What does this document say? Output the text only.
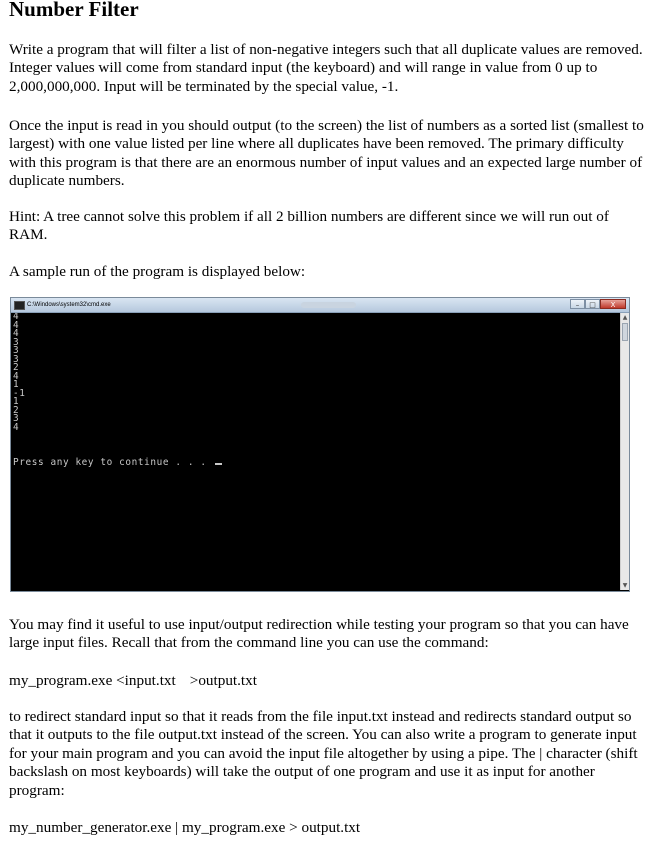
Number Filter

Write a program that will filter a list of non-negative integers such that all duplicate values are removed. Integer values will come from standard input (the keyboard) and will range in value from 0 up to 2,000,000,000. Input will be terminated by the special value, -1.

Once the input is read in you should output (to the screen) the list of numbers as a sorted list (smallest to largest) with one value listed per line where all duplicates have been removed. The primary difficulty with this program is that there are an enormous number of input values and an expected large number of duplicate numbers.

Hint: A tree cannot solve this problem if all 2 billion numbers are different since we will run out of RAM.

A sample run of the program is displayed below:

C:\Windows\system32\cmd.exe	–	□	X
4
4
4
3
3
3
2
4
1
-1
1
2
3
4
Press any key to continue . . .
▲
▼

You may find it useful to use input/output redirection while testing your program so that you can have large input files. Recall that from the command line you can use the command:

my_program.exe <input.txt >output.txt

to redirect standard input so that it reads from the file input.txt instead and redirects standard output so that it outputs to the file output.txt instead of the screen. You can also write a program to generate input for your main program and you can avoid the input file altogether by using a pipe. The | character (shift backslash on most keyboards) will take the output of one program and use it as input for another program:

my_number_generator.exe | my_program.exe > output.txt
